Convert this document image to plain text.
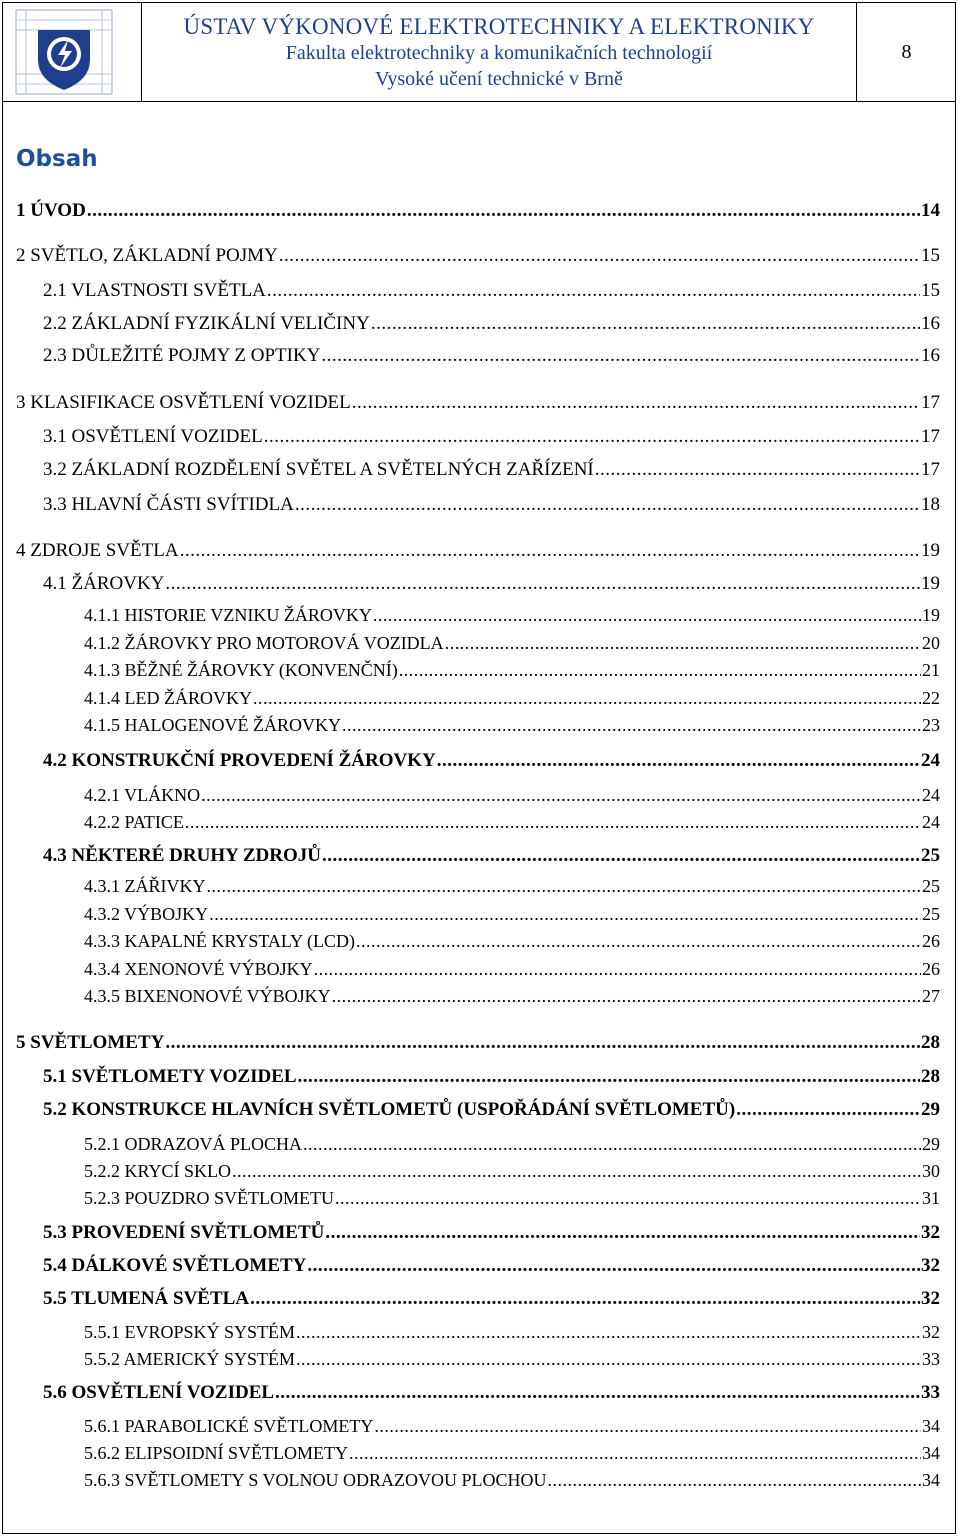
ÚSTAV VÝKONOVÉ ELEKTROTECHNIKY A ELEKTRONIKY
Fakulta elektrotechniky a komunikačních technologií
Vysoké učení technické v Brně
8
Obsah
1 ÚVOD .....	14
2 SVĚTLO, ZÁKLADNÍ POJMY .....	15
2.1 VLASTNOSTI SVĚTLA .....	15
2.2 ZÁKLADNÍ FYZIKÁLNÍ VELIČINY .....	16
2.3 DŮLEŽITÉ POJMY Z OPTIKY .....	16
3 KLASIFIKACE OSVĚTLENÍ VOZIDEL .....	17
3.1 OSVĚTLENÍ VOZIDEL .....	17
3.2 ZÁKLADNÍ ROZDĚLENÍ SVĚTEL A SVĚTELNÝCH ZAŘÍZENÍ .....	17
3.3 HLAVNÍ ČÁSTI SVÍTIDLA .....	18
4 ZDROJE SVĚTLA .....	19
4.1 ŽÁROVKY .....	19
4.1.1 HISTORIE VZNIKU ŽÁROVKY .....	19
4.1.2 ŽÁROVKY PRO MOTOROVÁ VOZIDLA .....	20
4.1.3 BĚŽNÉ ŽÁROVKY (KONVENČNÍ) .....	21
4.1.4 LED ŽÁROVKY .....	22
4.1.5 HALOGENOVÉ ŽÁROVKY .....	23
4.2 KONSTRUKČNÍ PROVEDENÍ ŽÁROVKY .....	24
4.2.1 VLÁKNO .....	24
4.2.2 PATICE .....	24
4.3 NĚKTERÉ DRUHY ZDROJŮ .....	25
4.3.1 ZÁŘIVKY .....	25
4.3.2 VÝBOJKY .....	25
4.3.3 KAPALNÉ KRYSTALY (LCD) .....	26
4.3.4 XENONOVÉ VÝBOJKY .....	26
4.3.5 BIXENONOVÉ VÝBOJKY .....	27
5 SVĚTLOMETY .....	28
5.1 SVĚTLOMETY VOZIDEL .....	28
5.2 KONSTRUKCE HLAVNÍCH SVĚTLOMETŮ (USPOŘÁDÁNÍ SVĚTLOMETŮ) .....	29
5.2.1 ODRAZOVÁ PLOCHA .....	29
5.2.2 KRYCÍ SKLO .....	30
5.2.3 POUZDRO SVĚTLOMETU .....	31
5.3 PROVEDENÍ SVĚTLOMETŮ .....	32
5.4 DÁLKOVÉ SVĚTLOMETY .....	32
5.5 TLUMENÁ SVĚTLA .....	32
5.5.1 EVROPSKÝ SYSTÉM .....	32
5.5.2 AMERICKÝ SYSTÉM .....	33
5.6 OSVĚTLENÍ VOZIDEL .....	33
5.6.1 PARABOLICKÉ SVĚTLOMETY .....	34
5.6.2 ELIPSOIDNÍ SVĚTLOMETY .....	34
5.6.3 SVĚTLOMETY S VOLNOU ODRAZOVOU PLOCHOU .....	34
